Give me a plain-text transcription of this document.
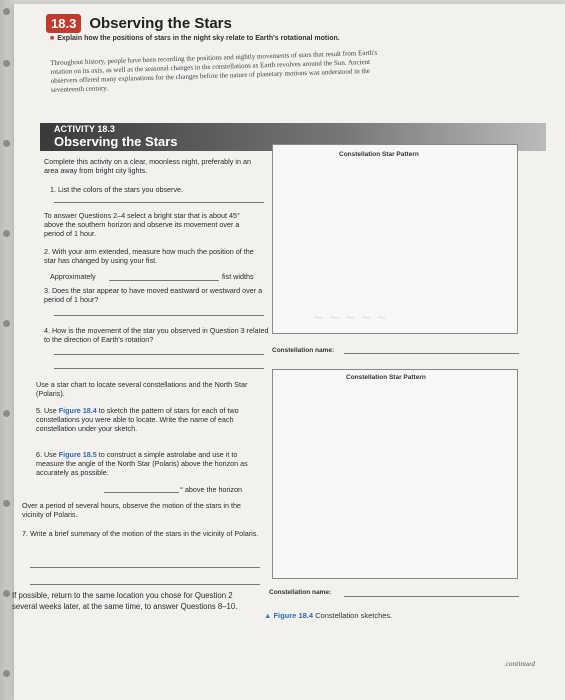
18.3 Observing the Stars
■ Explain how the positions of stars in the night sky relate to Earth's rotational motion.
Throughout history, people have been recording the positions and nightly movements of stars that result from Earth's rotation on its axis, as well as the seasonal changes in the constellations as Earth revolves around the Sun. Ancient observers offered many explanations for the changes before the nature of planetary motions was understood in the seventeenth century.
ACTIVITY 18.3
Observing the Stars
Complete this activity on a clear, moonless night, preferably in an area away from bright city lights.
1. List the colors of the stars you observe.
To answer Questions 2–4 select a bright star that is about 45° above the southern horizon and observe its movement over a period of 1 hour.
2. With your arm extended, measure how much the position of the star has changed by using your fist.
Approximately	fist widths
3. Does the star appear to have moved eastward or westward over a period of 1 hour?
4. How is the movement of the star you observed in Question 3 related to the direction of Earth's rotation?
Use a star chart to locate several constellations and the North Star (Polaris).
5. Use Figure 18.4 to sketch the pattern of stars for each of two constellations you were able to locate. Write the name of each constellation under your sketch.
6. Use Figure 18.5 to construct a simple astrolabe and use it to measure the angle of the North Star (Polaris) above the horizon as accurately as possible.
° above the horizon
Over a period of several hours, observe the motion of the stars in the vicinity of Polaris.
7. Write a brief summary of the motion of the stars in the vicinity of Polaris.
If possible, return to the same location you chose for Question 2 several weeks later, at the same time, to answer Questions 8–10.
Constellation Star Pattern
~ ~ ~ ~ ~
Constellation name:
Constellation Star Pattern
Constellation name:
▲ Figure 18.4 Constellation sketches.
continued
